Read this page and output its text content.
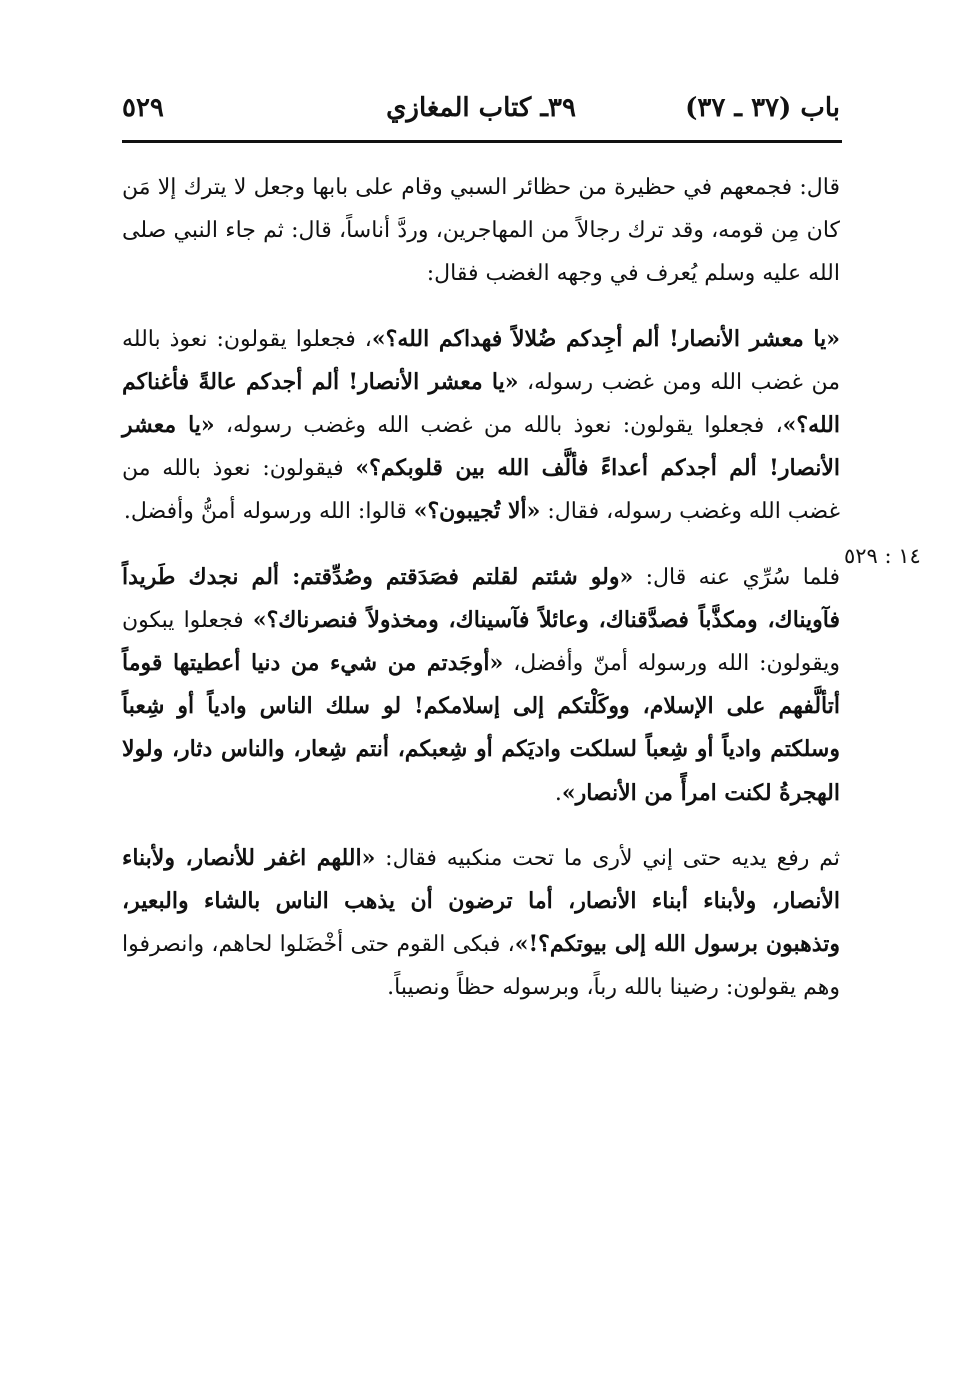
باب (٣٧ ـ ٣٧)
٣٩ـ كتاب المغازي
٥٢٩

قال: فجمعهم في حظيرة من حظائر السبي وقام على بابها وجعل لا يترك إلا مَن كان مِن قومه، وقد ترك رجالاً من المهاجرين، وردَّ أناساً، قال: ثم جاء النبي صلى الله عليه وسلم يُعرف في وجهه الغضب فقال:

«يا معشر الأنصار! ألم أجِدكم ضُلالاً فهداكم الله؟»، فجعلوا يقولون: نعوذ بالله من غضب الله ومن غضب رسوله، «يا معشر الأنصار! ألم أجدكم عالةً فأغناكم الله؟»، فجعلوا يقولون: نعوذ بالله من غضب الله وغضب رسوله، «يا معشر الأنصار! ألم أجدكم أعداءً فألَّف الله بين قلوبكم؟» فيقولون: نعوذ بالله من غضب الله وغضب رسوله، فقال: «ألا تُجيبون؟» قالوا: الله ورسوله أمنُّ وأفضل.

فلما سُرِّي عنه قال: «ولو شئتم لقلتم فصَدَقتم وصُدِّقتم: ألم نجدك طَريداً فآويناك، ومكذَّباً فصدَّقناك، وعائلاً فآسيناك، ومخذولاً فنصرناك؟» فجعلوا يبكون ويقولون: الله ورسوله أمنّ وأفضل، «أوجَدتم من شيء من دنيا أعطيتها قوماً أتألَّفهم على الإسلام، ووكَلْتكم إلى إسلامكم! لو سلك الناس وادياً أو شِعباً وسلكتم وادياً أو شِعباً لسلكت واديَكم أو شِعبكم، أنتم شِعار، والناس دثار، ولولا الهجرةُ لكنت امرأً من الأنصار».

ثم رفع يديه حتى إني لأرى ما تحت منكبيه فقال: «اللهم اغفر للأنصار، ولأبناء الأنصار، ولأبناء أبناء الأنصار، أما ترضون أن يذهب الناس بالشاء والبعير، وتذهبون برسول الله إلى بيوتكم؟!»، فبكى القوم حتى أخْضَلوا لحاهم، وانصرفوا وهم يقولون: رضينا بالله رباً، وبرسوله حظاً ونصيباً.

١٤ : ٥٢٩
